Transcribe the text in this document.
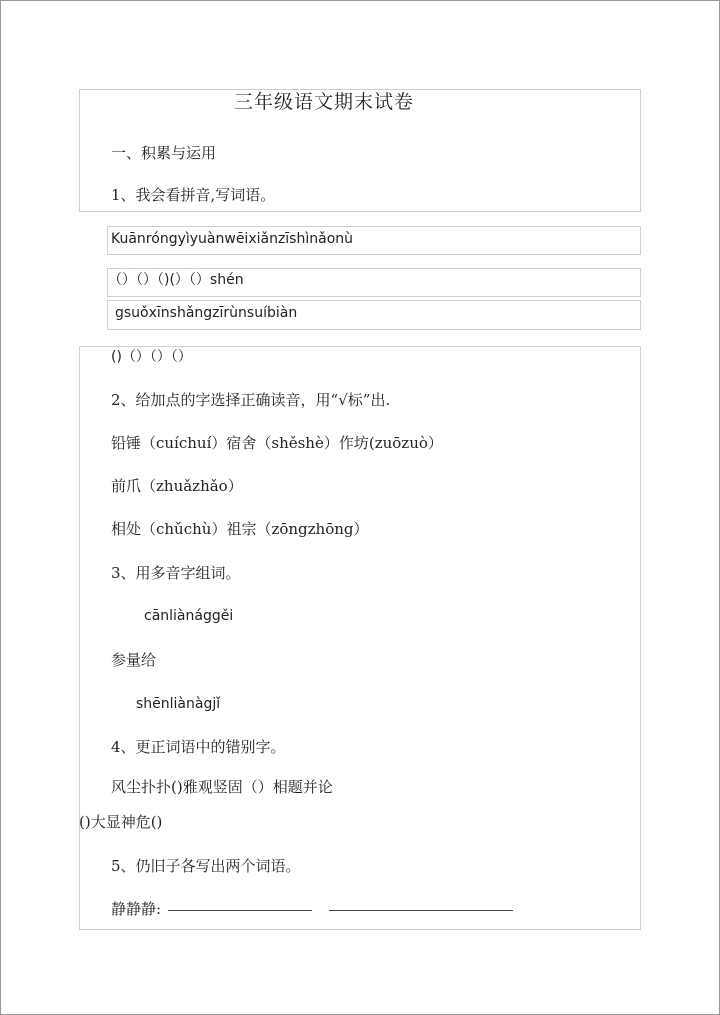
三年级语文期末试卷
一、积累与运用
1、我会看拼音,写词语。
Kuānróngyìyuànwēixiǎnzīshìnǎonù
（）（）（)(）（）shén
gsuǒxīnshǎngzīrùnsuíbiàn
()（）（）（）
2、给加点的字选择正确读音，用“√标”出.
铅锤（cuíchuí）宿舍（shěshè）作坊(zuōzuò）
前爪（zhuǎzhǎo）
相处（chǔchù）祖宗（zōngzhōng）
3、用多音字组词。
cānliànággěi
参量给
shēnliànàgjǐ
4、更正词语中的错别字。
风尘扑扑()雅观竖固（）相题并论
()大显神危()
5、仍旧子各写出两个词语。
静静静:
